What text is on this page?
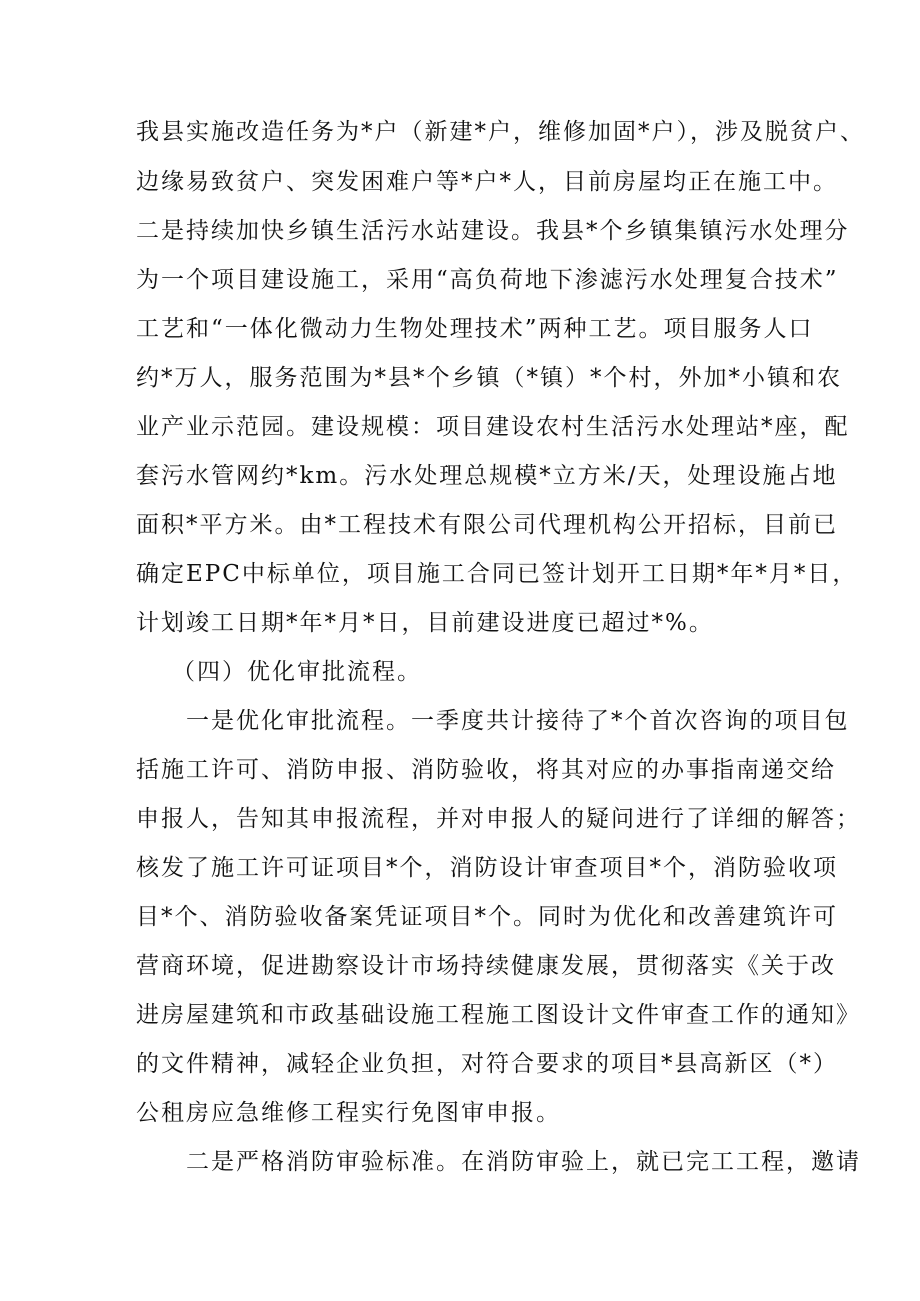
我县实施改造任务为*户（新建*户，维修加固*户），涉及脱贫户、
边缘易致贫户、突发困难户等*户*人，目前房屋均正在施工中。
二是持续加快乡镇生活污水站建设。我县*个乡镇集镇污水处理分
为一个项目建设施工，采用“高负荷地下渗滤污水处理复合技术”
工艺和“一体化微动力生物处理技术”两种工艺。项目服务人口
约*万人，服务范围为*县*个乡镇（*镇）*个村，外加*小镇和农
业产业示范园。建设规模：项目建设农村生活污水处理站*座，配
套污水管网约*km。污水处理总规模*立方米/天，处理设施占地
面积*平方米。由*工程技术有限公司代理机构公开招标，目前已
确定EPC中标单位，项目施工合同已签计划开工日期*年*月*日，
计划竣工日期*年*月*日，目前建设进度已超过*%。
（四）优化审批流程。
一是优化审批流程。一季度共计接待了*个首次咨询的项目包
括施工许可、消防申报、消防验收，将其对应的办事指南递交给
申报人，告知其申报流程，并对申报人的疑问进行了详细的解答；
核发了施工许可证项目*个，消防设计审查项目*个，消防验收项
目*个、消防验收备案凭证项目*个。同时为优化和改善建筑许可
营商环境，促进勘察设计市场持续健康发展，贯彻落实《关于改
进房屋建筑和市政基础设施工程施工图设计文件审查工作的通知》
的文件精神，减轻企业负担，对符合要求的项目*县高新区（*）
公租房应急维修工程实行免图审申报。
二是严格消防审验标准。在消防审验上，就已完工工程，邀请
